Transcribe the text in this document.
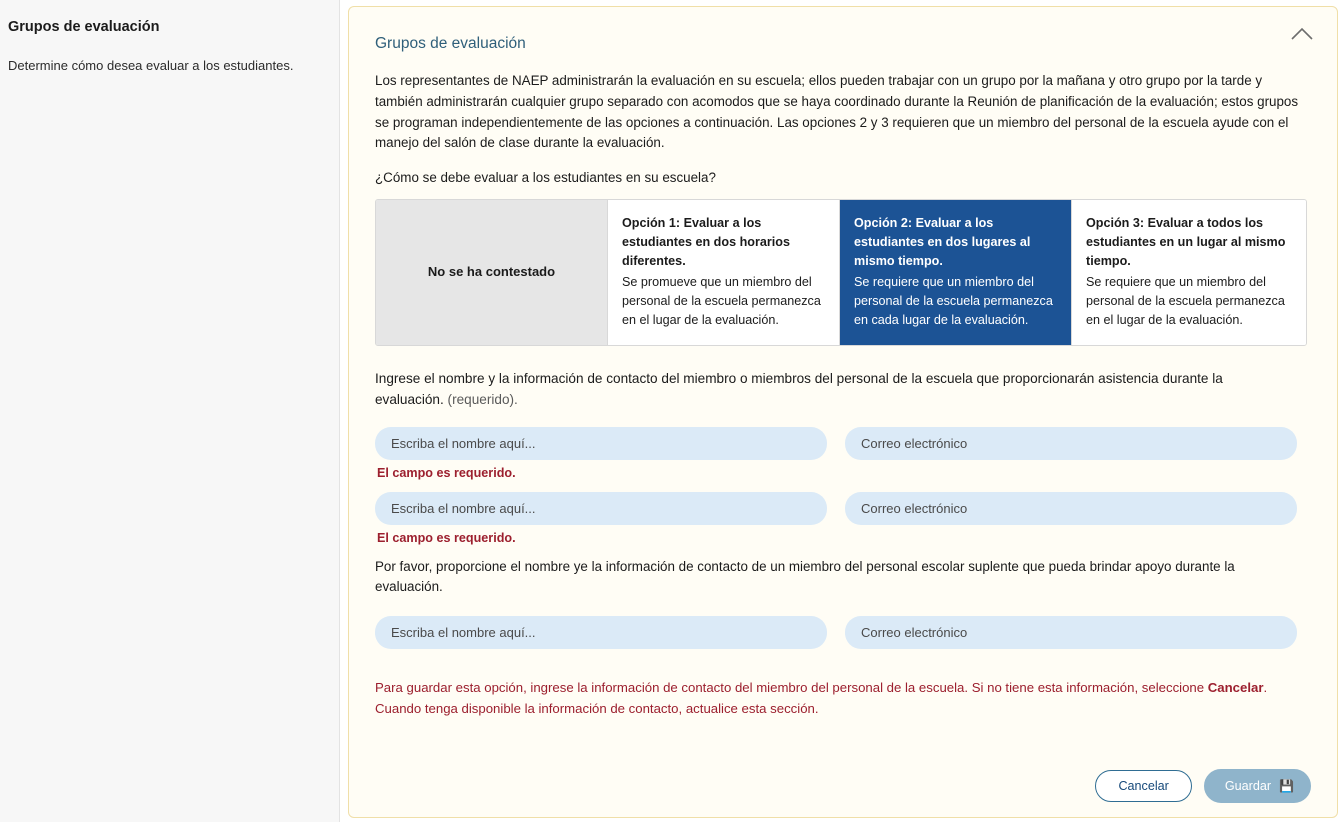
Grupos de evaluación
Determine cómo desea evaluar a los estudiantes.
Grupos de evaluación

Los representantes de NAEP administrarán la evaluación en su escuela; ellos pueden trabajar con un grupo por la mañana y otro grupo por la tarde y también administrarán cualquier grupo separado con acomodos que se haya coordinado durante la Reunión de planificación de la evaluación; estos grupos se programan independientemente de las opciones a continuación. Las opciones 2 y 3 requieren que un miembro del personal de la escuela ayude con el manejo del salón de clase durante la evaluación.

¿Cómo se debe evaluar a los estudiantes en su escuela?

No se ha contestado
Opción 1: Evaluar a los estudiantes en dos horarios diferentes.
Se promueve que un miembro del personal de la escuela permanezca en el lugar de la evaluación.
Opción 2: Evaluar a los estudiantes en dos lugares al mismo tiempo.
Se requiere que un miembro del personal de la escuela permanezca en cada lugar de la evaluación.
Opción 3: Evaluar a todos los estudiantes en un lugar al mismo tiempo.
Se requiere que un miembro del personal de la escuela permanezca en el lugar de la evaluación.

Ingrese el nombre y la información de contacto del miembro o miembros del personal de la escuela que proporcionarán asistencia durante la evaluación. (requerido).

Escriba el nombre aquí...
Correo electrónico
El campo es requerido.
Escriba el nombre aquí...
Correo electrónico
El campo es requerido.

Por favor, proporcione el nombre ye la información de contacto de un miembro del personal escolar suplente que pueda brindar apoyo durante la evaluación.

Escriba el nombre aquí...
Correo electrónico

Para guardar esta opción, ingrese la información de contacto del miembro del personal de la escuela. Si no tiene esta información, seleccione Cancelar.
Cuando tenga disponible la información de contacto, actualice esta sección.

Cancelar	Guardar 💾
